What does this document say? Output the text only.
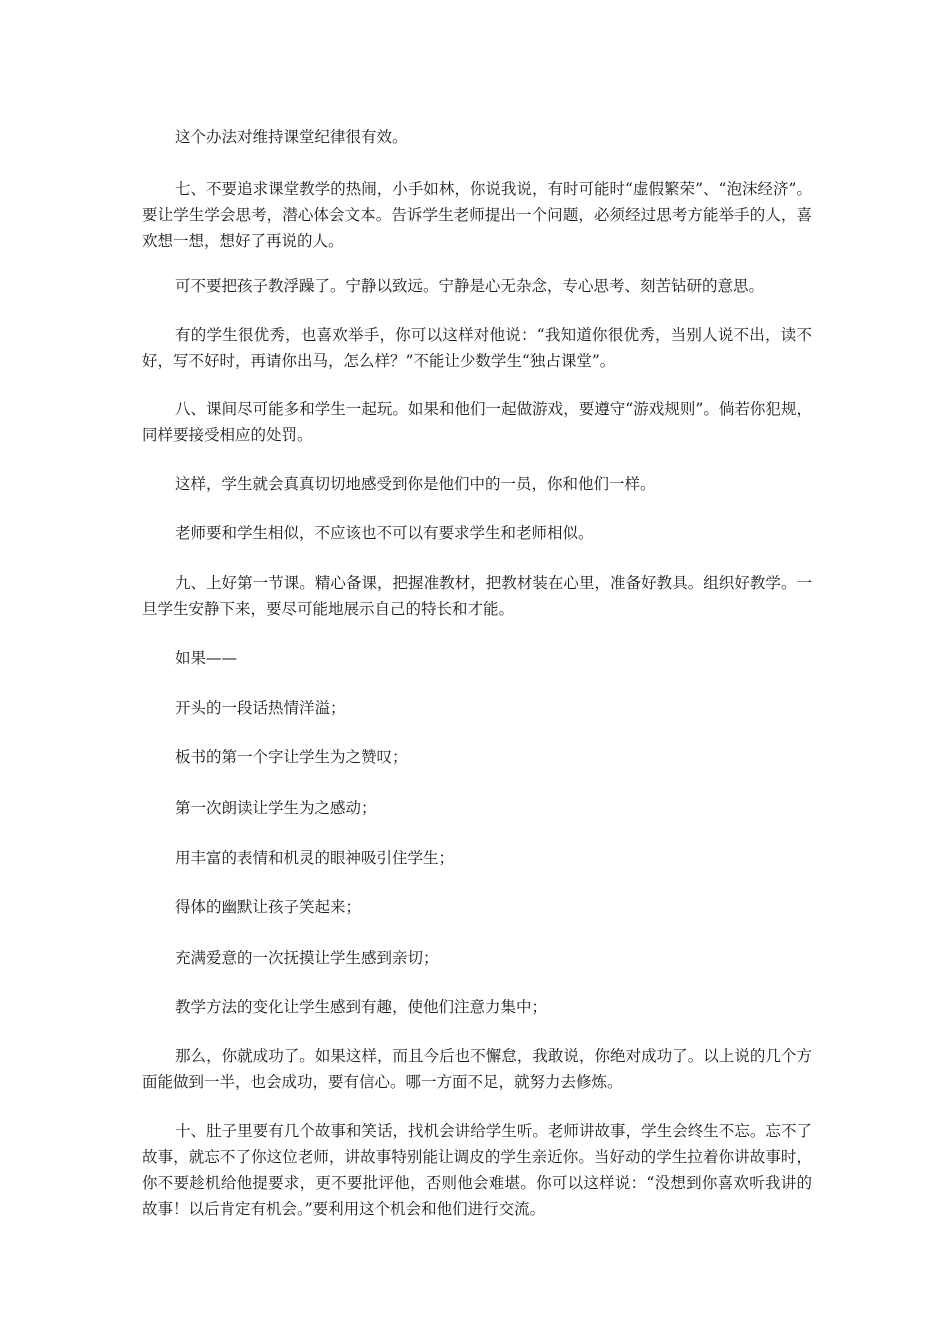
这个办法对维持课堂纪律很有效。

七、不要追求课堂教学的热闹，小手如林，你说我说，有时可能时“虚假繁荣”、“泡沫经济”。要让学生学会思考，潜心体会文本。告诉学生老师提出一个问题，必须经过思考方能举手的人，喜欢想一想，想好了再说的人。

可不要把孩子教浮躁了。宁静以致远。宁静是心无杂念，专心思考、刻苦钻研的意思。

有的学生很优秀，也喜欢举手，你可以这样对他说：“我知道你很优秀，当别人说不出，读不好，写不好时，再请你出马，怎么样？”不能让少数学生“独占课堂”。

八、课间尽可能多和学生一起玩。如果和他们一起做游戏，要遵守“游戏规则”。倘若你犯规，同样要接受相应的处罚。

这样，学生就会真真切切地感受到你是他们中的一员，你和他们一样。

老师要和学生相似，不应该也不可以有要求学生和老师相似。

九、上好第一节课。精心备课，把握准教材，把教材装在心里，准备好教具。组织好教学。一旦学生安静下来，要尽可能地展示自己的特长和才能。

如果——

开头的一段话热情洋溢；

板书的第一个字让学生为之赞叹；

第一次朗读让学生为之感动；

用丰富的表情和机灵的眼神吸引住学生；

得体的幽默让孩子笑起来；

充满爱意的一次抚摸让学生感到亲切；

教学方法的变化让学生感到有趣，使他们注意力集中；

那么，你就成功了。如果这样，而且今后也不懈怠，我敢说，你绝对成功了。以上说的几个方面能做到一半，也会成功，要有信心。哪一方面不足，就努力去修炼。

十、肚子里要有几个故事和笑话，找机会讲给学生听。老师讲故事，学生会终生不忘。忘不了故事，就忘不了你这位老师，讲故事特别能让调皮的学生亲近你。当好动的学生拉着你讲故事时，你不要趁机给他提要求，更不要批评他，否则他会难堪。你可以这样说：“没想到你喜欢听我讲的故事！以后肯定有机会。”要利用这个机会和他们进行交流。
